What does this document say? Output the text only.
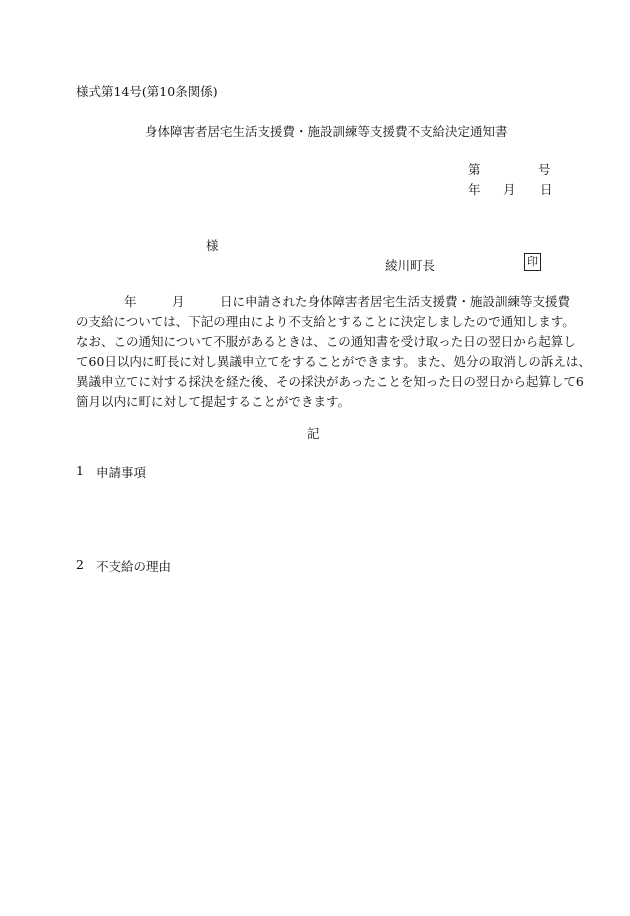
様式第14号(第10条関係)
身体障害者居宅生活支援費・施設訓練等支援費不支給決定通知書
第	号
年 月 日
様
綾川町長	印
年	月	日に申請された身体障害者居宅生活支援費・施設訓練等支援費
の支給については、下記の理由により不支給とすることに決定しましたので通知します。
なお、この通知について不服があるときは、この通知書を受け取った日の翌日から起算し
て60日以内に町長に対し異議申立てをすることができます。また、処分の取消しの訴えは、
異議申立てに対する採決を経た後、その採決があったことを知った日の翌日から起算して6
箇月以内に町に対して提起することができます。
記
1 申請事項
2 不支給の理由
